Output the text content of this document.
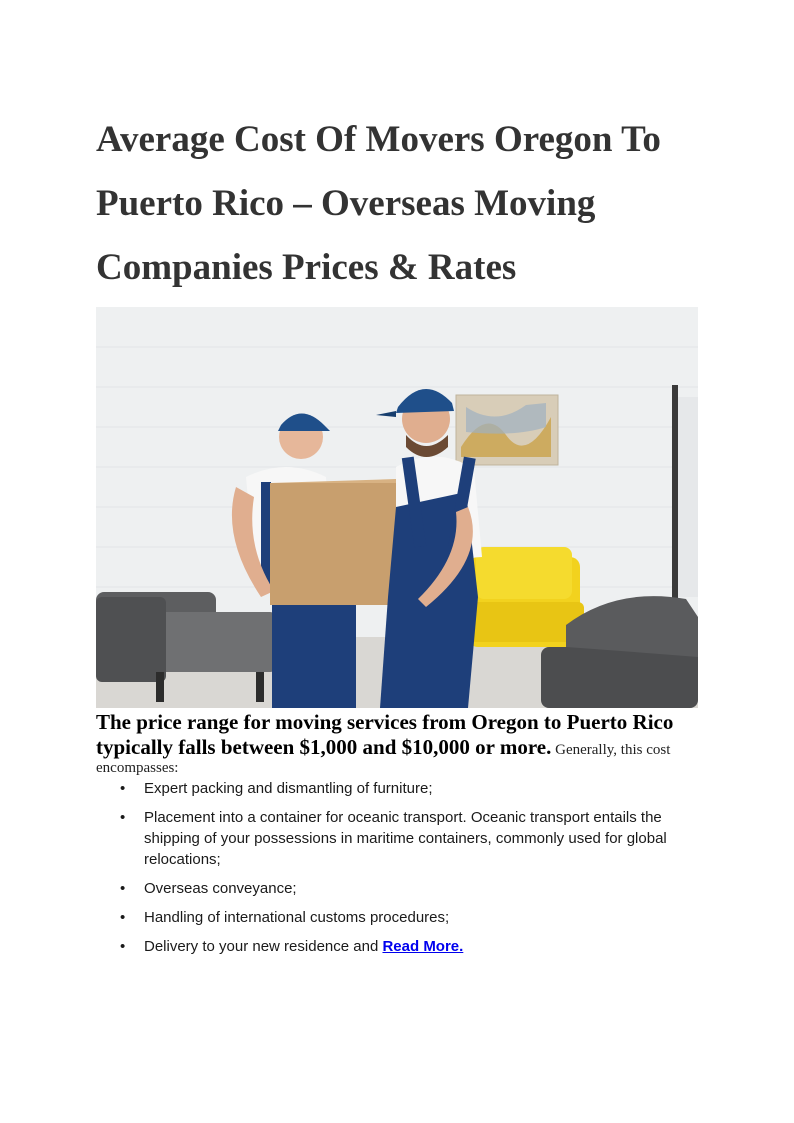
Average Cost Of Movers Oregon To Puerto Rico – Overseas Moving Companies Prices & Rates

The price range for moving services from Oregon to Puerto Rico typically falls between $1,000 and $10,000 or more. Generally, this cost encompasses:

• Expert packing and dismantling of furniture;
• Placement into a container for oceanic transport. Oceanic transport entails the shipping of your possessions in maritime containers, commonly used for global relocations;
• Overseas conveyance;
• Handling of international customs procedures;
• Delivery to your new residence and Read More.
